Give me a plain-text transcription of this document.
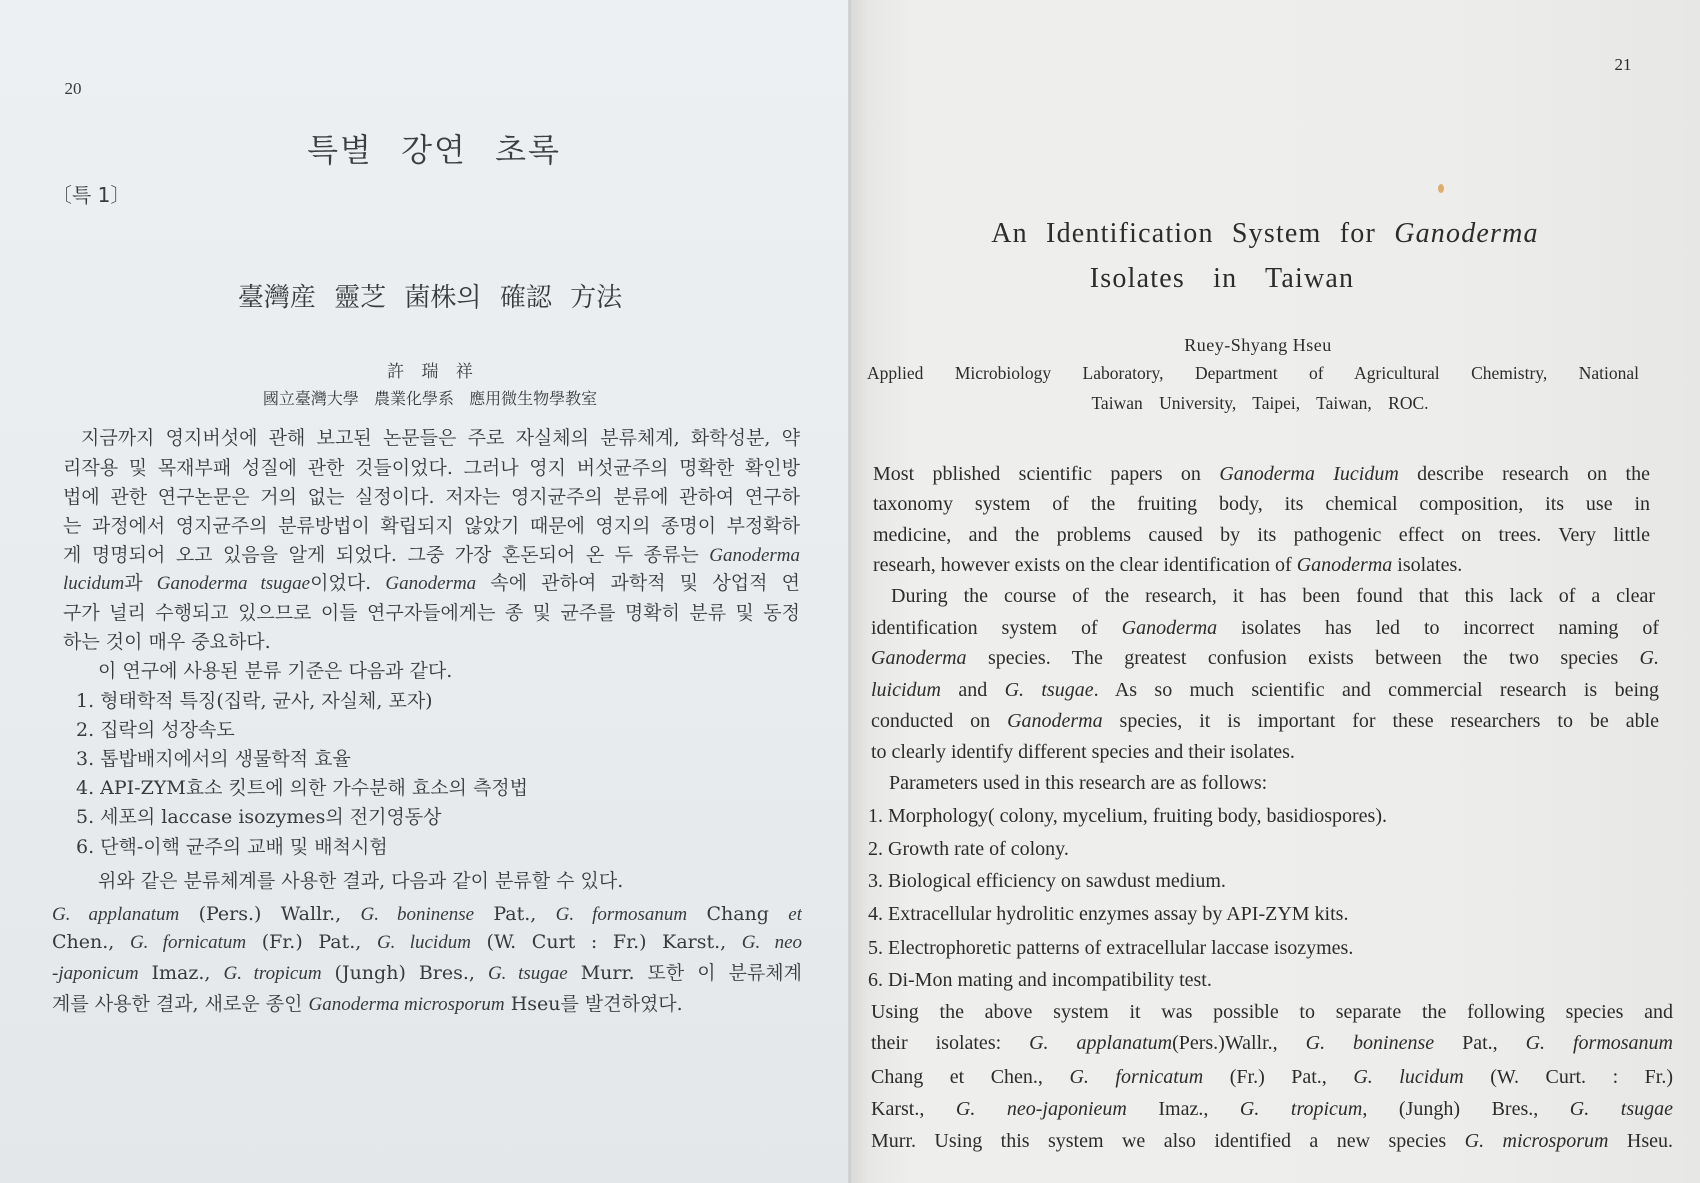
20
특별 강연 초록
〔특 1〕
臺灣産 靈芝 菌株의 確認 方法
許 瑞 祥
國立臺灣大學 農業化學系 應用微生物學教室
지금까지 영지버섯에 관해 보고된 논문들은 주로 자실체의 분류체계, 화학성분, 약
리작용 및 목재부패 성질에 관한 것들이었다. 그러나 영지 버섯균주의 명확한 확인방
법에 관한 연구논문은 거의 없는 실정이다. 저자는 영지균주의 분류에 관하여 연구하
는 과정에서 영지균주의 분류방법이 확립되지 않았기 때문에 영지의 종명이 부정확하
게 명명되어 오고 있음을 알게 되었다. 그중 가장 혼돈되어 온 두 종류는 Ganoderma
lucidum과 Ganoderma tsugae이었다. Ganoderma 속에 관하여 과학적 및 상업적 연
구가 널리 수행되고 있으므로 이들 연구자들에게는 종 및 균주를 명확히 분류 및 동정
하는 것이 매우 중요하다.
이 연구에 사용된 분류 기준은 다음과 같다.
1. 형태학적 특징(집락, 균사, 자실체, 포자)
2. 집락의 성장속도
3. 톱밥배지에서의 생물학적 효율
4. API-ZYM효소 킷트에 의한 가수분해 효소의 측정법
5. 세포의 laccase isozymes의 전기영동상
6. 단핵-이핵 균주의 교배 및 배척시험
위와 같은 분류체계를 사용한 결과, 다음과 같이 분류할 수 있다.
G. applanatum (Pers.) Wallr., G. boninense Pat., G. formosanum Chang et
Chen., G. fornicatum (Fr.) Pat., G. lucidum (W. Curt : Fr.) Karst., G. neo
-japonicum Imaz., G. tropicum (Jungh) Bres., G. tsugae Murr. 또한 이 분류체계
계를 사용한 결과, 새로운 종인 Ganoderma microsporum Hseu를 발견하였다.
21
An Identification System for Ganoderma
Isolates in Taiwan
Ruey-Shyang Hseu
Applied Microbiology Laboratory, Department of Agricultural Chemistry, National
Taiwan University, Taipei, Taiwan, ROC.
Most pblished scientific papers on Ganoderma Iucidum describe research on the
taxonomy system of the fruiting body, its chemical composition, its use in
medicine, and the problems caused by its pathogenic effect on trees. Very little
researh, however exists on the clear identification of Ganoderma isolates.
During the course of the research, it has been found that this lack of a clear
identification system of Ganoderma isolates has led to incorrect naming of
Ganoderma species. The greatest confusion exists between the two species G.
luicidum and G. tsugae. As so much scientific and commercial research is being
conducted on Ganoderma species, it is important for these researchers to be able
to clearly identify different species and their isolates.
Parameters used in this research are as follows:
1. Morphology( colony, mycelium, fruiting body, basidiospores).
2. Growth rate of colony.
3. Biological efficiency on sawdust medium.
4. Extracellular hydrolitic enzymes assay by API-ZYM kits.
5. Electrophoretic patterns of extracellular laccase isozymes.
6. Di-Mon mating and incompatibility test.
Using the above system it was possible to separate the following species and
their isolates: G. applanatum(Pers.)Wallr., G. boninense Pat., G. formosanum
Chang et Chen., G. fornicatum (Fr.) Pat., G. lucidum (W. Curt. : Fr.)
Karst., G. neo-japonieum Imaz., G. tropicum, (Jungh) Bres., G. tsugae
Murr. Using this system we also identified a new species G. microsporum Hseu.
